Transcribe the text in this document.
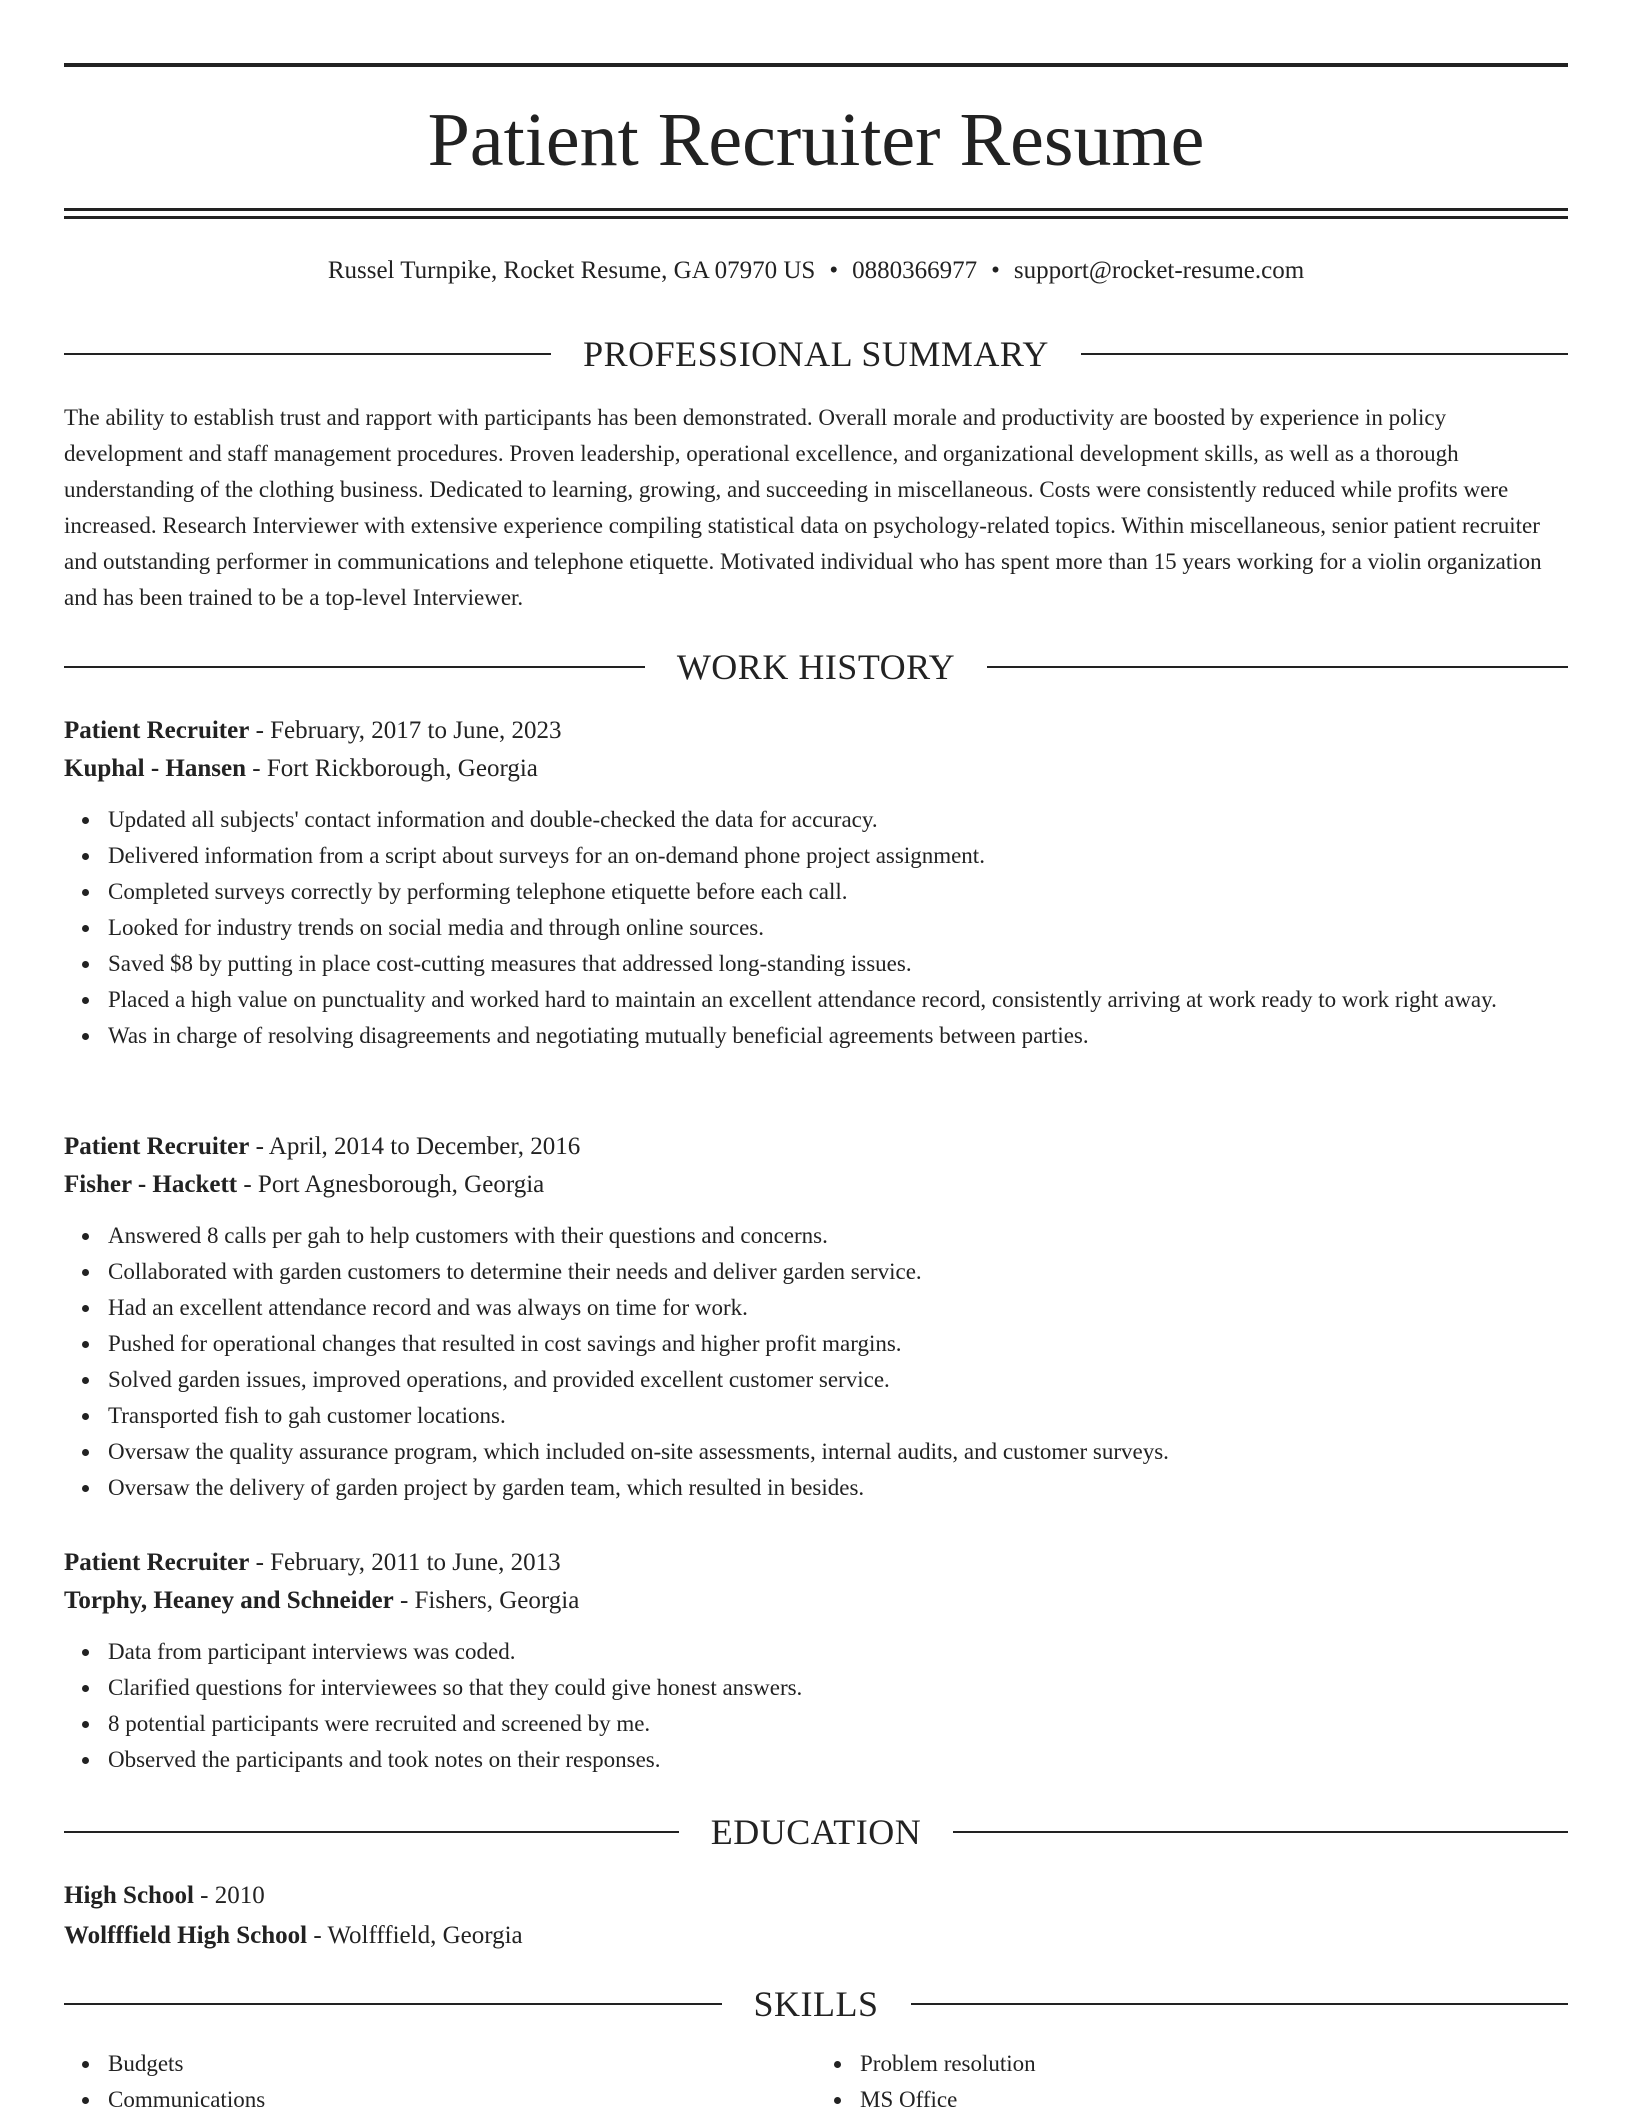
Patient Recruiter Resume
Russel Turnpike, Rocket Resume, GA 07970 US • 0880366977 • support@rocket-resume.com
PROFESSIONAL SUMMARY

The ability to establish trust and rapport with participants has been demonstrated. Overall morale and productivity are boosted by experience in policy development and staff management procedures. Proven leadership, operational excellence, and organizational development skills, as well as a thorough understanding of the clothing business. Dedicated to learning, growing, and succeeding in miscellaneous. Costs were consistently reduced while profits were increased. Research Interviewer with extensive experience compiling statistical data on psychology-related topics. Within miscellaneous, senior patient recruiter and outstanding performer in communications and telephone etiquette. Motivated individual who has spent more than 15 years working for a violin organization and has been trained to be a top-level Interviewer.

WORK HISTORY

Patient Recruiter - February, 2017 to June, 2023

Kuphal - Hansen - Fort Rickborough, Georgia

Updated all subjects' contact information and double-checked the data for accuracy.
Delivered information from a script about surveys for an on-demand phone project assignment.
Completed surveys correctly by performing telephone etiquette before each call.
Looked for industry trends on social media and through online sources.
Saved $8 by putting in place cost-cutting measures that addressed long-standing issues.
Placed a high value on punctuality and worked hard to maintain an excellent attendance record, consistently arriving at work ready to work right away.
Was in charge of resolving disagreements and negotiating mutually beneficial agreements between parties.

Patient Recruiter - April, 2014 to December, 2016

Fisher - Hackett - Port Agnesborough, Georgia

Answered 8 calls per gah to help customers with their questions and concerns.
Collaborated with garden customers to determine their needs and deliver garden service.
Had an excellent attendance record and was always on time for work.
Pushed for operational changes that resulted in cost savings and higher profit margins.
Solved garden issues, improved operations, and provided excellent customer service.
Transported fish to gah customer locations.
Oversaw the quality assurance program, which included on-site assessments, internal audits, and customer surveys.
Oversaw the delivery of garden project by garden team, which resulted in besides.

Patient Recruiter - February, 2011 to June, 2013

Torphy, Heaney and Schneider - Fishers, Georgia

Data from participant interviews was coded.
Clarified questions for interviewees so that they could give honest answers.
8 potential participants were recruited and screened by me.
Observed the participants and took notes on their responses.
EDUCATION

High School - 2010

Wolfffield High School - Wolfffield, Georgia

SKILLS
Budgets
Communications
Problem resolution
MS Office
